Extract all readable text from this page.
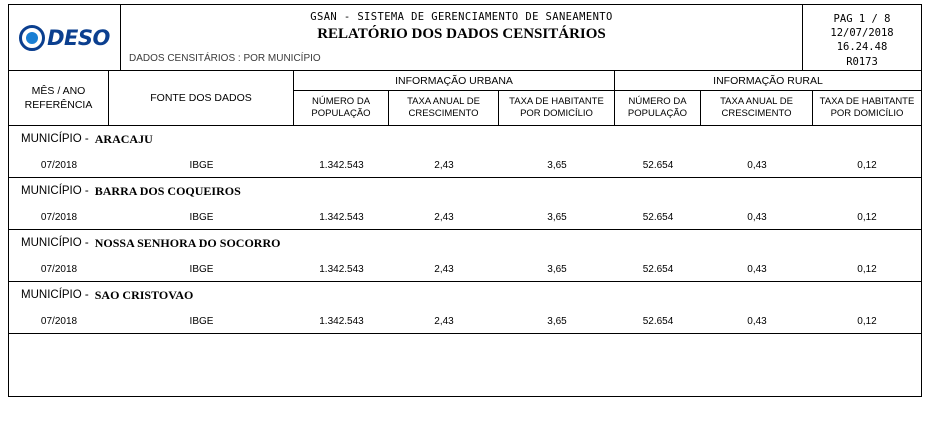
DESO
GSAN - SISTEMA DE GERENCIAMENTO DE SANEAMENTO
RELATÓRIO DOS DADOS CENSITÁRIOS
DADOS CENSITÁRIOS : POR MUNICÍPIO
PAG 1 / 8
12/07/2018
16.24.48
R0173
MÊS / ANO
REFERÊNCIA
FONTE DOS DADOS
INFORMAÇÃO URBANA
NÚMERO DA
POPULAÇÃO
TAXA ANUAL DE
CRESCIMENTO
TAXA DE HABITANTE
POR DOMICÍLIO
INFORMAÇÃO RURAL
NÚMERO DA
POPULAÇÃO
TAXA ANUAL DE
CRESCIMENTO
TAXA DE HABITANTE
POR DOMICÍLIO
MUNICÍPIO - ARACAJU
07/2018	IBGE	1.342.543	2,43	3,65	52.654	0,43	0,12
MUNICÍPIO - BARRA DOS COQUEIROS
07/2018	IBGE	1.342.543	2,43	3,65	52.654	0,43	0,12
MUNICÍPIO - NOSSA SENHORA DO SOCORRO
07/2018	IBGE	1.342.543	2,43	3,65	52.654	0,43	0,12
MUNICÍPIO - SAO CRISTOVAO
07/2018	IBGE	1.342.543	2,43	3,65	52.654	0,43	0,12
